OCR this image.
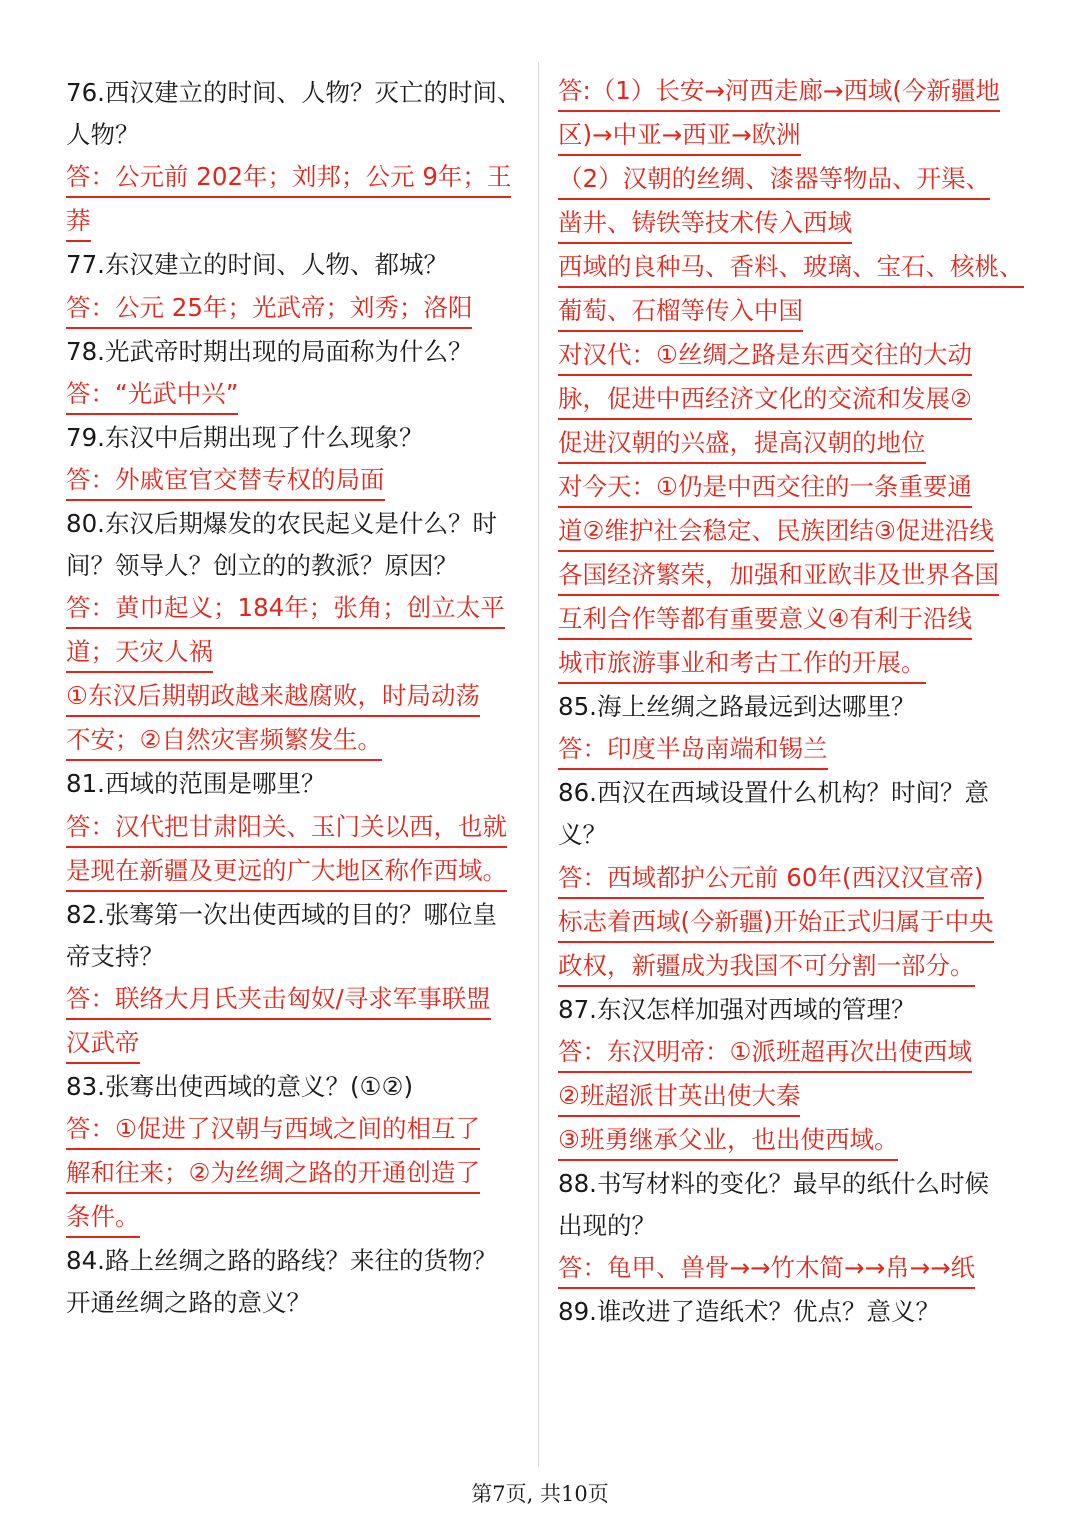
76.西汉建立的时间、人物？灭亡的时间、
人物？
答：公元前 202年；刘邦；公元 9年；王
莽
77.东汉建立的时间、人物、都城？
答：公元 25年；光武帝；刘秀；洛阳
78.光武帝时期出现的局面称为什么？
答：“光武中兴”
79.东汉中后期出现了什么现象？
答：外戚宦官交替专权的局面
80.东汉后期爆发的农民起义是什么？时
间？领导人？创立的的教派？原因？
答：黄巾起义；184年；张角；创立太平
道；天灾人祸
①东汉后期朝政越来越腐败，时局动荡
不安；②自然灾害频繁发生。
81.西域的范围是哪里？
答：汉代把甘肃阳关、玉门关以西，也就
是现在新疆及更远的广大地区称作西域。
82.张骞第一次出使西域的目的？哪位皇
帝支持？
答：联络大月氏夹击匈奴/寻求军事联盟
汉武帝
83.张骞出使西域的意义？(①②)
答：①促进了汉朝与西域之间的相互了
解和往来；②为丝绸之路的开通创造了
条件。
84.路上丝绸之路的路线？来往的货物？
开通丝绸之路的意义？
答:（1）长安→河西走廊→西域(今新疆地
区)→中亚→西亚→欧洲
（2）汉朝的丝绸、漆器等物品、开渠、
凿井、铸铁等技术传入西域
西域的良种马、香料、玻璃、宝石、核桃、
葡萄、石榴等传入中国
对汉代：①丝绸之路是东西交往的大动
脉，促进中西经济文化的交流和发展②
促进汉朝的兴盛，提高汉朝的地位
对今天：①仍是中西交往的一条重要通
道②维护社会稳定、民族团结③促进沿线
各国经济繁荣，加强和亚欧非及世界各国
互利合作等都有重要意义④有利于沿线
城市旅游事业和考古工作的开展。
85.海上丝绸之路最远到达哪里？
答：印度半岛南端和锡兰
86.西汉在西域设置什么机构？时间？意
义？
答：西域都护公元前 60年(西汉汉宣帝)
标志着西域(今新疆)开始正式归属于中央
政权，新疆成为我国不可分割一部分。
87.东汉怎样加强对西域的管理？
答：东汉明帝：①派班超再次出使西域
②班超派甘英出使大秦
③班勇继承父业，也出使西域。
88.书写材料的变化？最早的纸什么时候
出现的？
答：龟甲、兽骨→→竹木简→→帛→→纸
89.谁改进了造纸术？优点？意义？
第7页, 共10页
